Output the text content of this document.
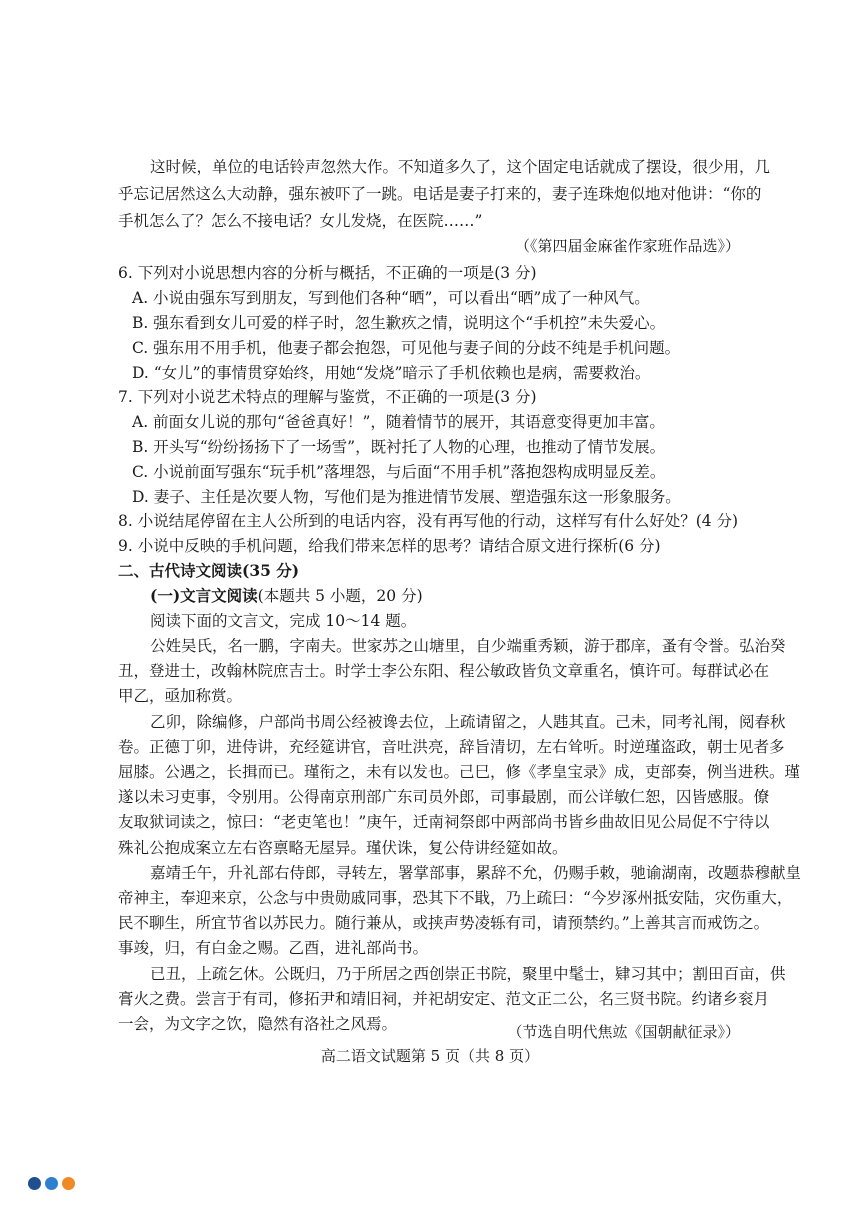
这时候，单位的电话铃声忽然大作。不知道多久了，这个固定电话就成了摆设，很少用，几
乎忘记居然这么大动静，强东被吓了一跳。电话是妻子打来的，妻子连珠炮似地对他讲：“你的
手机怎么了？怎么不接电话？女儿发烧，在医院……”
（《第四届金麻雀作家班作品选》）
6. 下列对小说思想内容的分析与概括，不正确的一项是(3 分)
A. 小说由强东写到朋友，写到他们各种“晒”，可以看出“晒”成了一种风气。
B. 强东看到女儿可爱的样子时，忽生歉疚之情，说明这个“手机控”未失爱心。
C. 强东用不用手机，他妻子都会抱怨，可见他与妻子间的分歧不纯是手机问题。
D. “女儿”的事情贯穿始终，用她“发烧”暗示了手机依赖也是病，需要救治。
7. 下列对小说艺术特点的理解与鉴赏，不正确的一项是(3 分)
A. 前面女儿说的那句“爸爸真好！”，随着情节的展开，其语意变得更加丰富。
B. 开头写“纷纷扬扬下了一场雪”，既衬托了人物的心理，也推动了情节发展。
C. 小说前面写强东“玩手机”落埋怨，与后面“不用手机”落抱怨构成明显反差。
D. 妻子、主任是次要人物，写他们是为推进情节发展、塑造强东这一形象服务。
8. 小说结尾停留在主人公所到的电话内容，没有再写他的行动，这样写有什么好处？(4 分)
9. 小说中反映的手机问题，给我们带来怎样的思考？请结合原文进行探析(6 分)
二、古代诗文阅读(35 分)
(一)文言文阅读(本题共 5 小题，20 分)
阅读下面的文言文，完成 10～14 题。
公姓吴氏，名一鹏，字南夫。世家苏之山塘里，自少端重秀颖，游于郡庠，蚤有令誉。弘治癸
丑，登进士，改翰林院庶吉士。时学士李公东阳、程公敏政皆负文章重名，慎许可。每群试必在
甲乙，亟加称赏。
乙卯，除编修，户部尚书周公经被谗去位，上疏请留之，人韪其直。己未，同考礼闱，阅春秋
卷。正德丁卯，进侍讲，充经筵讲官，音吐洪亮，辞旨清切，左右耸听。时逆瑾盗政，朝士见者多
屈膝。公遇之，长揖而已。瑾衔之，未有以发也。己巳，修《孝皇宝录》成，吏部奏，例当进秩。瑾
遂以未习吏事，令别用。公得南京刑部广东司员外郎，司事最剧，而公详敏仁恕，囚皆感服。僚
友取狱词读之，惊曰：“老吏笔也！”庚午，迁南祠祭郎中两部尚书皆乡曲故旧见公局促不宁待以
殊礼公抱成案立左右咨禀略无屋异。瑾伏诛，复公侍讲经筵如故。
嘉靖壬午，升礼部右侍郎，寻转左，署掌部事，累辞不允，仍赐手敕，驰谕湖南，改题恭穆献皇
帝神主，奉迎来京，公念与中贵勋戚同事，恐其下不戢，乃上疏曰：“今岁涿州抵安陆，灾伤重大，
民不聊生，所宜节省以苏民力。随行兼从，或挟声势凌轹有司，请预禁约。”上善其言而戒饬之。
事竣，归，有白金之赐。乙酉，进礼部尚书。
已丑，上疏乞休。公既归，乃于所居之西创崇正书院，聚里中髦士，肄习其中；割田百亩，供
膏火之费。尝言于有司，修拓尹和靖旧祠，并祀胡安定、范文正二公，名三贤书院。约诸乡衮月
一会，为文字之饮，隐然有洛社之风焉。	（节选自明代焦竑《国朝献征录》）
高二语文试题第 5 页（共 8 页）
